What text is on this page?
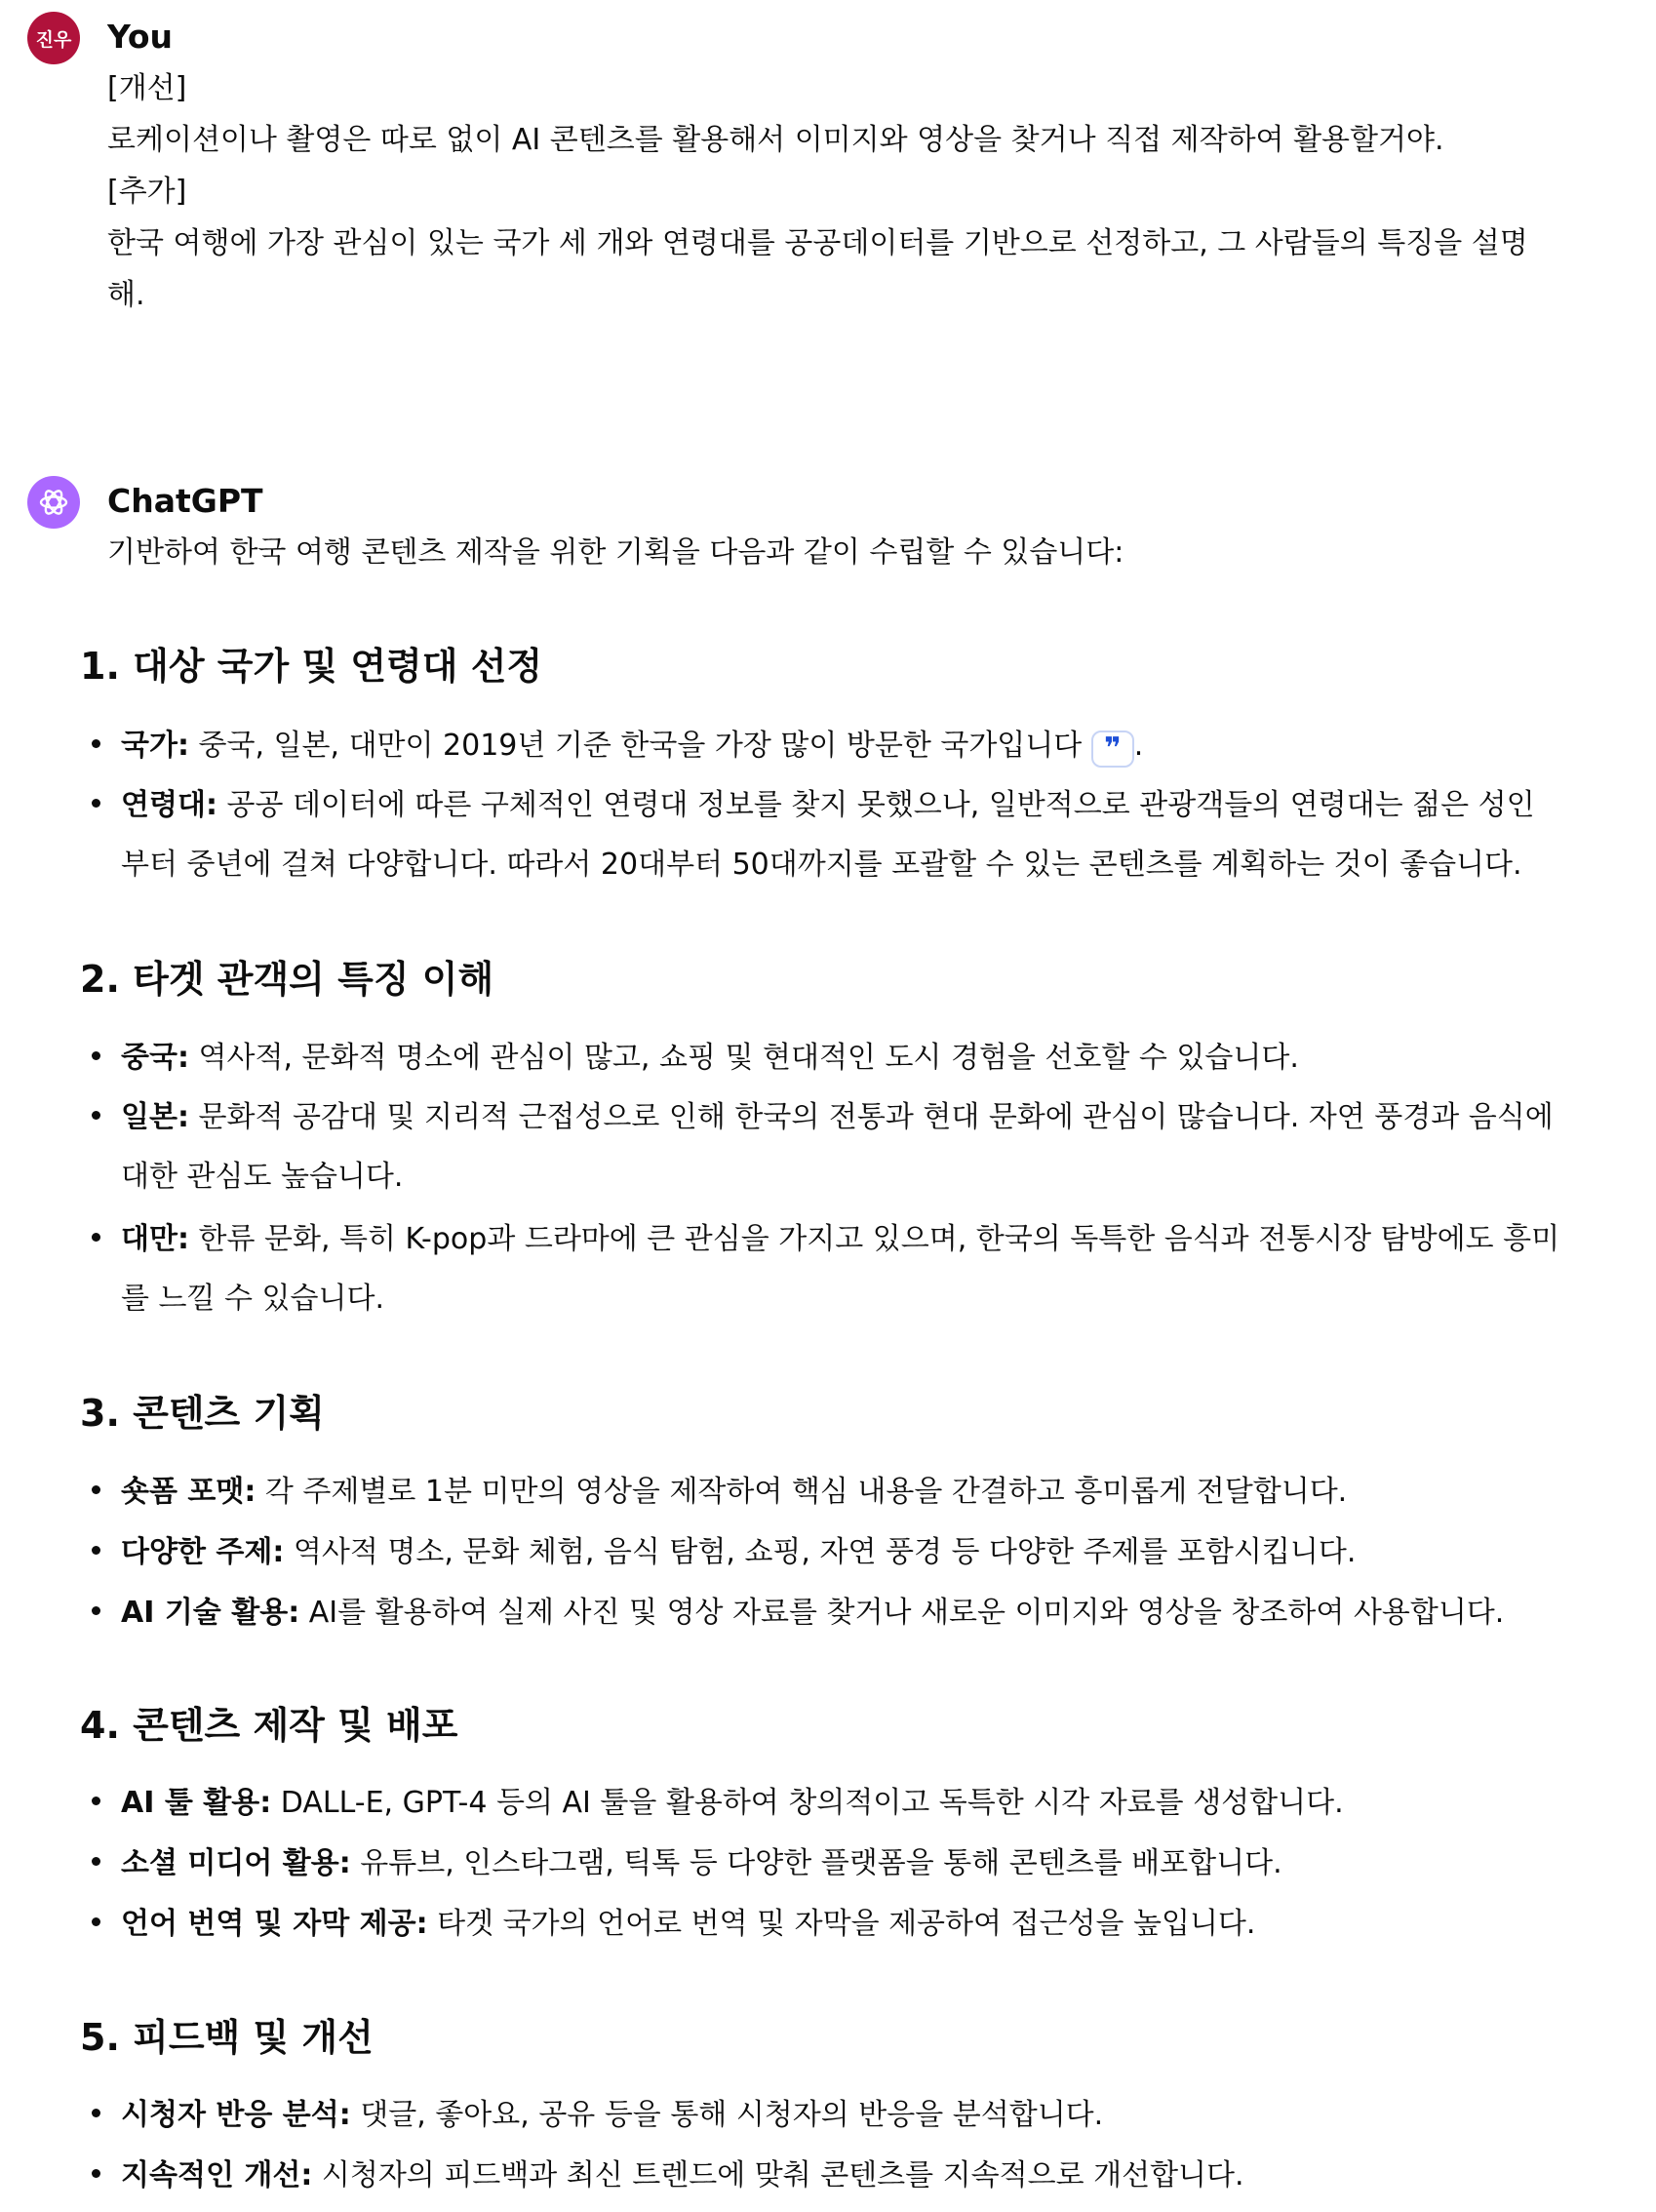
진우 You
[개선]
로케이션이나 촬영은 따로 없이 AI 콘텐츠를 활용해서 이미지와 영상을 찾거나 직접 제작하여 활용할거야.
[추가]
한국 여행에 가장 관심이 있는 국가 세 개와 연령대를 공공데이터를 기반으로 선정하고, 그 사람들의 특징을 설명
해.
ChatGPT
기반하여 한국 여행 콘텐츠 제작을 위한 기획을 다음과 같이 수립할 수 있습니다:
1. 대상 국가 및 연령대 선정
국가: 중국, 일본, 대만이 2019년 기준 한국을 가장 많이 방문한 국가입니다 ❞ .
연령대: 공공 데이터에 따른 구체적인 연령대 정보를 찾지 못했으나, 일반적으로 관광객들의 연령대는 젊은 성인
부터 중년에 걸쳐 다양합니다. 따라서 20대부터 50대까지를 포괄할 수 있는 콘텐츠를 계획하는 것이 좋습니다.
2. 타겟 관객의 특징 이해
중국: 역사적, 문화적 명소에 관심이 많고, 쇼핑 및 현대적인 도시 경험을 선호할 수 있습니다.
일본: 문화적 공감대 및 지리적 근접성으로 인해 한국의 전통과 현대 문화에 관심이 많습니다. 자연 풍경과 음식에
대한 관심도 높습니다.
대만: 한류 문화, 특히 K-pop과 드라마에 큰 관심을 가지고 있으며, 한국의 독특한 음식과 전통시장 탐방에도 흥미
를 느낄 수 있습니다.
3. 콘텐츠 기획
숏폼 포맷: 각 주제별로 1분 미만의 영상을 제작하여 핵심 내용을 간결하고 흥미롭게 전달합니다.
다양한 주제: 역사적 명소, 문화 체험, 음식 탐험, 쇼핑, 자연 풍경 등 다양한 주제를 포함시킵니다.
AI 기술 활용: AI를 활용하여 실제 사진 및 영상 자료를 찾거나 새로운 이미지와 영상을 창조하여 사용합니다.
4. 콘텐츠 제작 및 배포
AI 툴 활용: DALL-E, GPT-4 등의 AI 툴을 활용하여 창의적이고 독특한 시각 자료를 생성합니다.
소셜 미디어 활용: 유튜브, 인스타그램, 틱톡 등 다양한 플랫폼을 통해 콘텐츠를 배포합니다.
언어 번역 및 자막 제공: 타겟 국가의 언어로 번역 및 자막을 제공하여 접근성을 높입니다.
5. 피드백 및 개선
시청자 반응 분석: 댓글, 좋아요, 공유 등을 통해 시청자의 반응을 분석합니다.
지속적인 개선: 시청자의 피드백과 최신 트렌드에 맞춰 콘텐츠를 지속적으로 개선합니다.
